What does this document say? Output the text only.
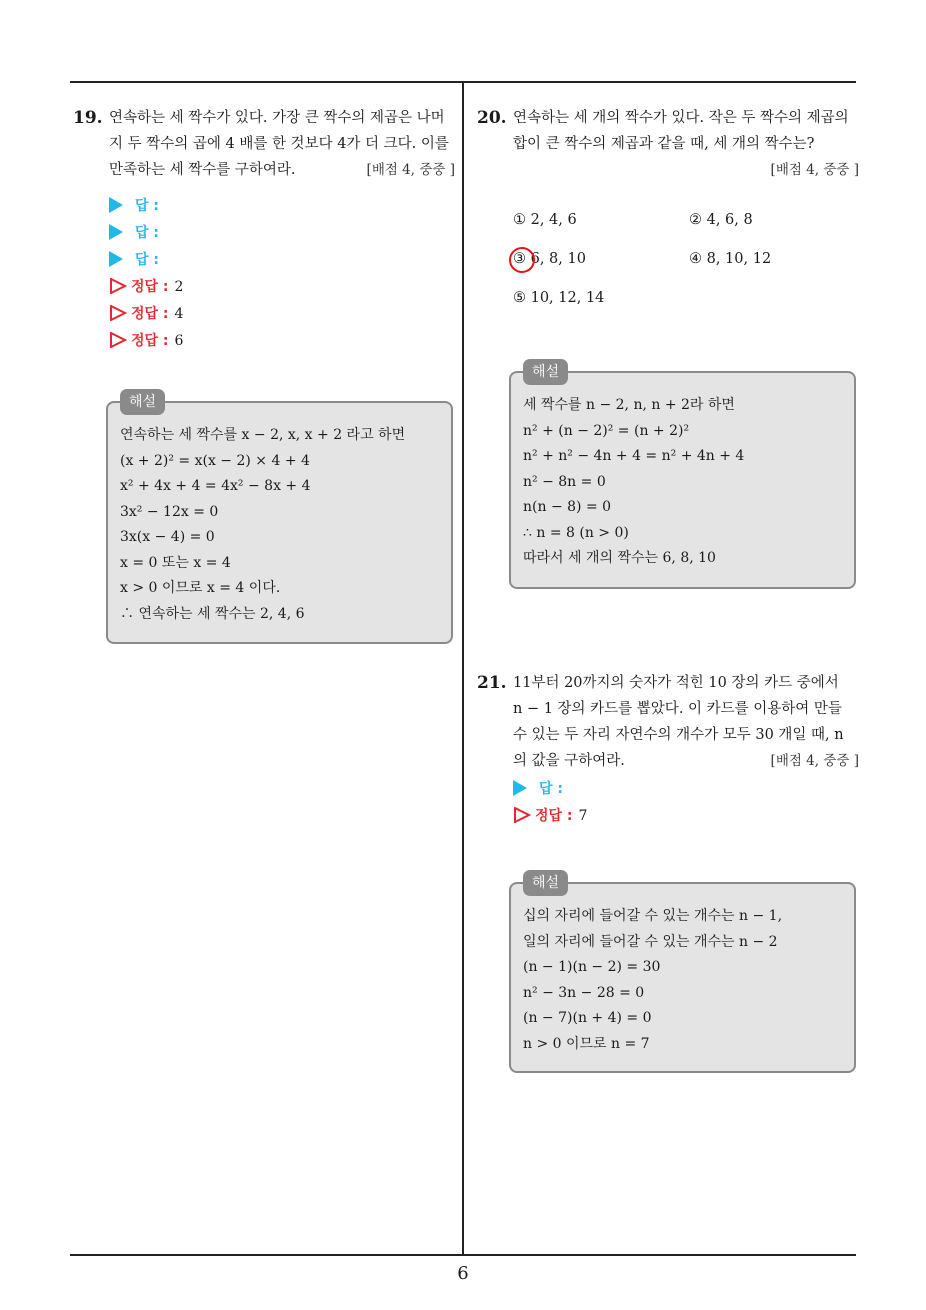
6
19. 연속하는 세 짝수가 있다. 가장 큰 짝수의 제곱은 나머
지 두 짝수의 곱에 4 배를 한 것보다 4가 더 크다. 이를
만족하는 세 짝수를 구하여라.	[배점 4, 중중 ]
답 :
답 :
답 :
정답 : 2
정답 : 4
정답 : 6
해설
연속하는 세 짝수를 x − 2, x, x + 2 라고 하면
(x + 2)² = x(x − 2) × 4 + 4
x² + 4x + 4 = 4x² − 8x + 4
3x² − 12x = 0
3x(x − 4) = 0
x = 0 또는 x = 4
x > 0 이므로 x = 4 이다.
∴ 연속하는 세 짝수는 2, 4, 6
20. 연속하는 세 개의 짝수가 있다. 작은 두 짝수의 제곱의
합이 큰 짝수의 제곱과 같을 때, 세 개의 짝수는?
[배점 4, 중중 ]
① 2, 4, 6	② 4, 6, 8
③ 6, 8, 10	④ 8, 10, 12
⑤ 10, 12, 14
해설
세 짝수를 n − 2, n, n + 2라 하면
n² + (n − 2)² = (n + 2)²
n² + n² − 4n + 4 = n² + 4n + 4
n² − 8n = 0
n(n − 8) = 0
∴ n = 8 (n > 0)
따라서 세 개의 짝수는 6, 8, 10
21. 11부터 20까지의 숫자가 적힌 10 장의 카드 중에서
n − 1 장의 카드를 뽑았다. 이 카드를 이용하여 만들
수 있는 두 자리 자연수의 개수가 모두 30 개일 때, n
의 값을 구하여라.	[배점 4, 중중 ]
답 :
정답 : 7
해설
십의 자리에 들어갈 수 있는 개수는 n − 1,
일의 자리에 들어갈 수 있는 개수는 n − 2
(n − 1)(n − 2) = 30
n² − 3n − 28 = 0
(n − 7)(n + 4) = 0
n > 0 이므로 n = 7
